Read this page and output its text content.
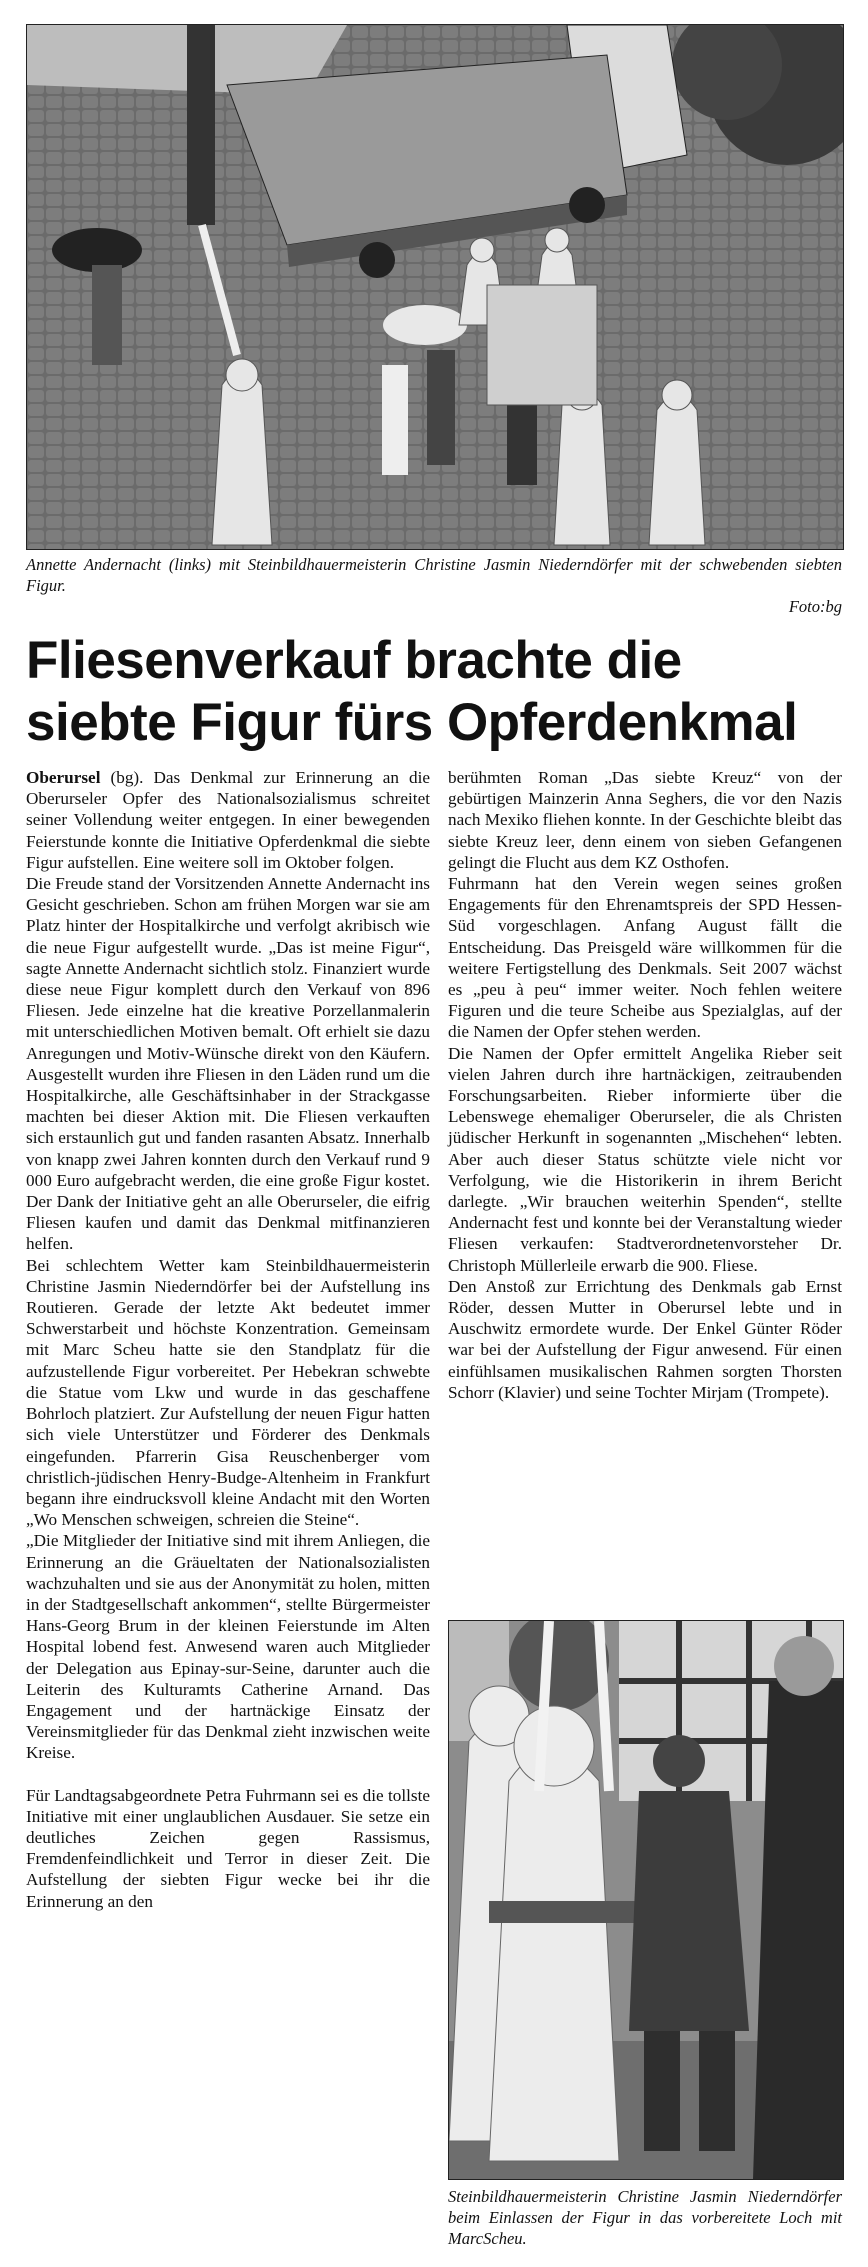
Annette Andernacht (links) mit Steinbildhauermeisterin Christine Jasmin Niederndörfer mit der schwebenden siebten Figur.
Foto:bg
Fliesenverkauf brachte die siebte Figur fürs Opferdenkmal

Oberursel (bg). Das Denkmal zur Erinnerung an die Oberurseler Opfer des Nationalsozialismus schreitet seiner Vollendung weiter entgegen. In einer bewegenden Feierstunde konnte die Initiative Opferdenkmal die siebte Figur aufstellen. Eine weitere soll im Oktober folgen.

Die Freude stand der Vorsitzenden Annette Andernacht ins Gesicht geschrieben. Schon am frühen Morgen war sie am Platz hinter der Hospitalkirche und verfolgt akribisch wie die neue Figur aufgestellt wurde. „Das ist meine Figur“, sagte Annette Andernacht sichtlich stolz. Finanziert wurde diese neue Figur komplett durch den Verkauf von 896 Fliesen. Jede einzelne hat die kreative Porzellanmalerin mit unterschiedlichen Motiven bemalt. Oft erhielt sie dazu Anregungen und Motiv-Wünsche direkt von den Käufern. Ausgestellt wurden ihre Fliesen in den Läden rund um die Hospitalkirche, alle Geschäftsinhaber in der Strackgasse machten bei dieser Aktion mit. Die Fliesen verkauften sich erstaunlich gut und fanden rasanten Absatz. Innerhalb von knapp zwei Jahren konnten durch den Verkauf rund 9 000 Euro aufgebracht werden, die eine große Figur kostet. Der Dank der Initiative geht an alle Oberurseler, die eifrig Fliesen kaufen und damit das Denkmal mitfinanzieren helfen.

Bei schlechtem Wetter kam Steinbildhauermeisterin Christine Jasmin Niederndörfer bei der Aufstellung ins Routieren. Gerade der letzte Akt bedeutet immer Schwerstarbeit und höchste Konzentration. Gemeinsam mit Marc Scheu hatte sie den Standplatz für die aufzustellende Figur vorbereitet. Per Hebekran schwebte die Statue vom Lkw und wurde in das geschaffene Bohrloch platziert. Zur Aufstellung der neuen Figur hatten sich viele Unterstützer und Förderer des Denkmals eingefunden. Pfarrerin Gisa Reuschenberger vom christlich-jüdischen Henry-Budge-Altenheim in Frankfurt begann ihre eindrucksvoll kleine Andacht mit den Worten „Wo Menschen schweigen, schreien die Steine“.

„Die Mitglieder der Initiative sind mit ihrem Anliegen, die Erinnerung an die Gräueltaten der Nationalsozialisten wachzuhalten und sie aus der Anonymität zu holen, mitten in der Stadtgesellschaft ankommen“, stellte Bürgermeister Hans-Georg Brum in der kleinen Feierstunde im Alten Hospital lobend fest. Anwesend waren auch Mitglieder der Delegation aus Epinay-sur-Seine, darunter auch die Leiterin des Kulturamts Catherine Arnand. Das Engagement und der hartnäckige Einsatz der Vereinsmitglieder für das Denkmal zieht inzwischen weite Kreise.

Für Landtagsabgeordnete Petra Fuhrmann sei es die tollste Initiative mit einer unglaublichen Ausdauer. Sie setze ein deutliches Zeichen gegen Rassismus, Fremdenfeindlichkeit und Terror in dieser Zeit. Die Aufstellung der siebten Figur wecke bei ihr die Erinnerung an den

berühmten Roman „Das siebte Kreuz“ von der gebürtigen Mainzerin Anna Seghers, die vor den Nazis nach Mexiko fliehen konnte. In der Geschichte bleibt das siebte Kreuz leer, denn einem von sieben Gefangenen gelingt die Flucht aus dem KZ Osthofen.

Fuhrmann hat den Verein wegen seines großen Engagements für den Ehrenamtspreis der SPD Hessen-Süd vorgeschlagen. Anfang August fällt die Entscheidung. Das Preisgeld wäre willkommen für die weitere Fertigstellung des Denkmals. Seit 2007 wächst es „peu à peu“ immer weiter. Noch fehlen weitere Figuren und die teure Scheibe aus Spezialglas, auf der die Namen der Opfer stehen werden.

Die Namen der Opfer ermittelt Angelika Rieber seit vielen Jahren durch ihre hartnäckigen, zeitraubenden Forschungsarbeiten. Rieber informierte über die Lebenswege ehemaliger Oberurseler, die als Christen jüdischer Herkunft in sogenannten „Mischehen“ lebten. Aber auch dieser Status schützte viele nicht vor Verfolgung, wie die Historikerin in ihrem Bericht darlegte. „Wir brauchen weiterhin Spenden“, stellte Andernacht fest und konnte bei der Veranstaltung wieder Fliesen verkaufen: Stadtverordnetenvorsteher Dr. Christoph Müllerleile erwarb die 900. Fliese.

Den Anstoß zur Errichtung des Denkmals gab Ernst Röder, dessen Mutter in Oberursel lebte und in Auschwitz ermordete wurde. Der Enkel Günter Röder war bei der Aufstellung der Figur anwesend. Für einen einfühlsamen musikalischen Rahmen sorgten Thorsten Schorr (Klavier) und seine Tochter Mirjam (Trompete).

Steinbildhauermeisterin Christine Jasmin Niederndörfer beim Einlassen der Figur in das vorbereitete Loch mit MarcScheu.
